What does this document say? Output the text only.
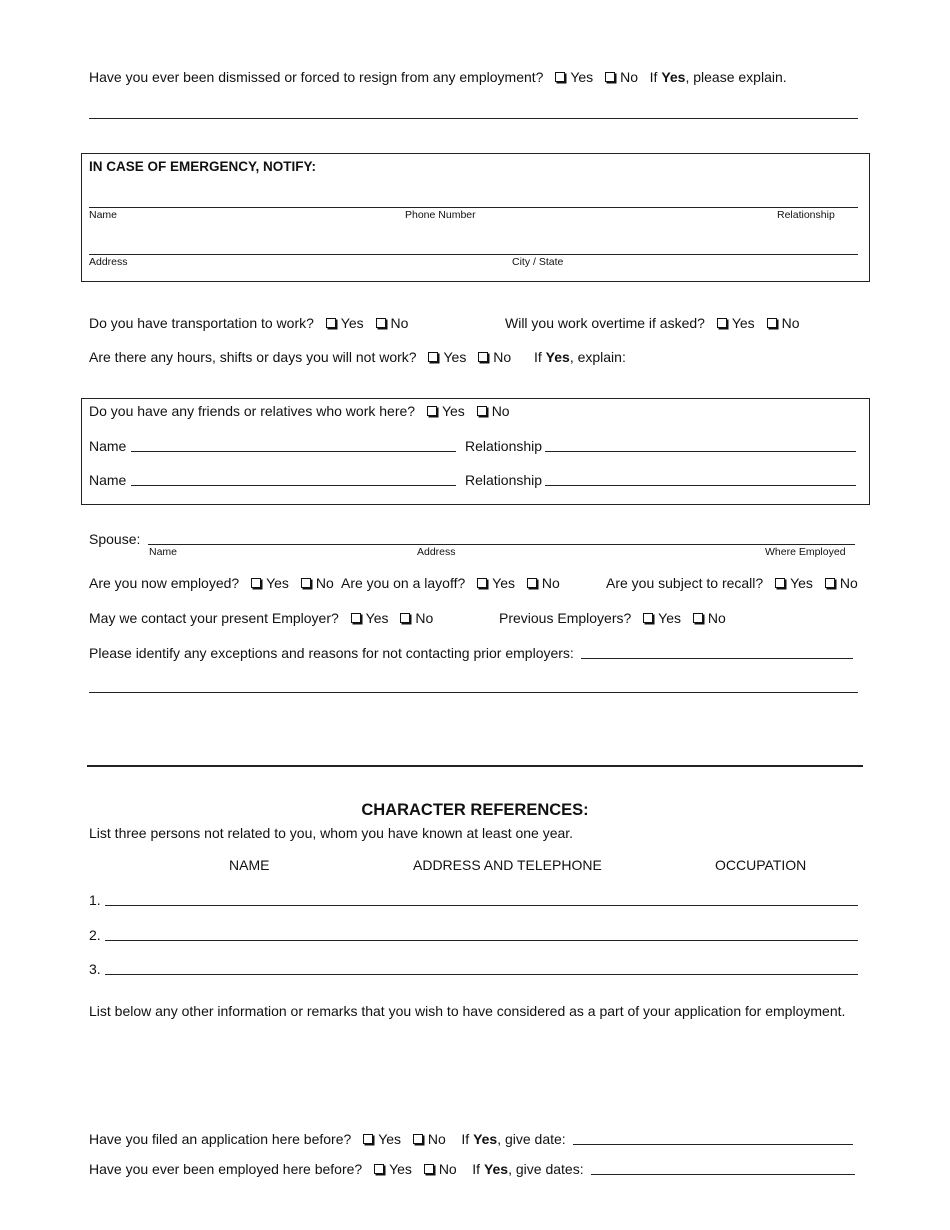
Have you ever been dismissed or forced to resign from any employment? Yes No If Yes, please explain.
IN CASE OF EMERGENCY, NOTIFY:
Name	Phone Number	Relationship
Address	City / State
Do you have transportation to work? Yes No	Will you work overtime if asked? Yes No
Are there any hours, shifts or days you will not work? Yes No If Yes, explain:
Do you have any friends or relatives who work here? Yes No
Name	Relationship
Name	Relationship
Spouse:
Name	Address	Where Employed
Are you now employed? Yes No Are you on a layoff? Yes No	Are you subject to recall? Yes No
May we contact your present Employer? Yes No	Previous Employers? Yes No
Please identify any exceptions and reasons for not contacting prior employers:
CHARACTER REFERENCES:
List three persons not related to you, whom you have known at least one year.
NAME	ADDRESS AND TELEPHONE	OCCUPATION
1.
2.
3.
List below any other information or remarks that you wish to have considered as a part of your application for employment.
Have you filed an application here before? Yes No If Yes, give date:
Have you ever been employed here before? Yes No If Yes, give dates:
